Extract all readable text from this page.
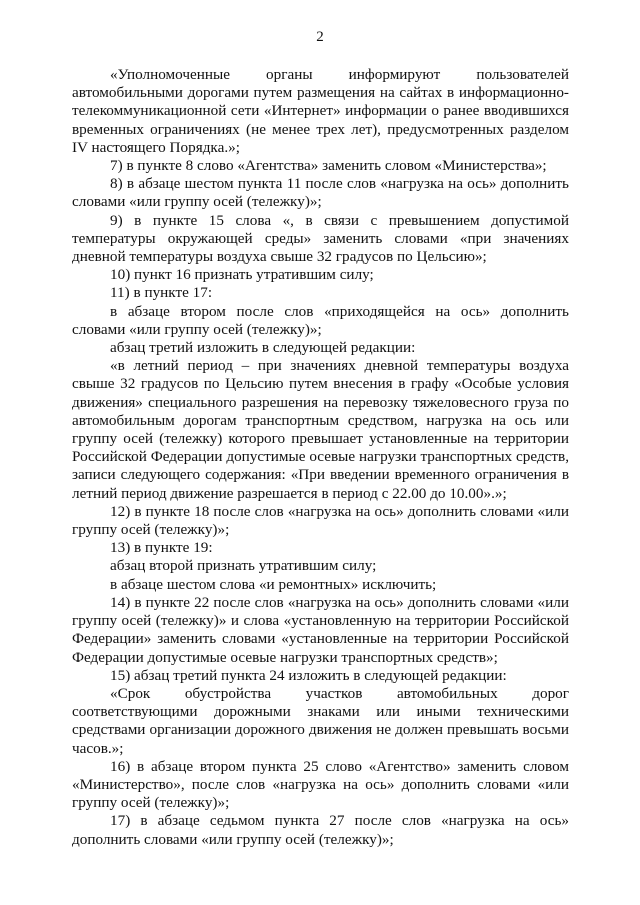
2

«Уполномоченные органы информируют пользователей автомобильными дорогами путем размещения на сайтах в информационно-телекоммуникационной сети «Интернет» информации о ранее вводившихся временных ограничениях (не менее трех лет), предусмотренных разделом IV настоящего Порядка.»;

7) в пункте 8 слово «Агентства» заменить словом «Министерства»;

8) в абзаце шестом пункта 11 после слов «нагрузка на ось» дополнить словами «или группу осей (тележку)»;

9) в пункте 15 слова «, в связи с превышением допустимой температуры окружающей среды» заменить словами «при значениях дневной температуры воздуха свыше 32 градусов по Цельсию»;

10) пункт 16 признать утратившим силу;

11) в пункте 17:

в абзаце втором после слов «приходящейся на ось» дополнить словами «или группу осей (тележку)»;

абзац третий изложить в следующей редакции:

«в летний период – при значениях дневной температуры воздуха свыше 32 градусов по Цельсию путем внесения в графу «Особые условия движения» специального разрешения на перевозку тяжеловесного груза по автомобильным дорогам транспортным средством, нагрузка на ось или группу осей (тележку) которого превышает установленные на территории Российской Федерации допустимые осевые нагрузки транспортных средств, записи следующего содержания: «При введении временного ограничения в летний период движение разрешается в период с 22.00 до 10.00».»;

12) в пункте 18 после слов «нагрузка на ось» дополнить словами «или группу осей (тележку)»;

13) в пункте 19:

абзац второй признать утратившим силу;

в абзаце шестом слова «и ремонтных» исключить;

14) в пункте 22 после слов «нагрузка на ось» дополнить словами «или группу осей (тележку)» и слова «установленную на территории Российской Федерации» заменить словами «установленные на территории Российской Федерации допустимые осевые нагрузки транспортных средств»;

15) абзац третий пункта 24 изложить в следующей редакции:

«Срок обустройства участков автомобильных дорог соответствующими дорожными знаками или иными техническими средствами организации дорожного движения не должен превышать восьми часов.»;

16) в абзаце втором пункта 25 слово «Агентство» заменить словом «Министерство», после слов «нагрузка на ось» дополнить словами «или группу осей (тележку)»;

17) в абзаце седьмом пункта 27 после слов «нагрузка на ось» дополнить словами «или группу осей (тележку)»;
